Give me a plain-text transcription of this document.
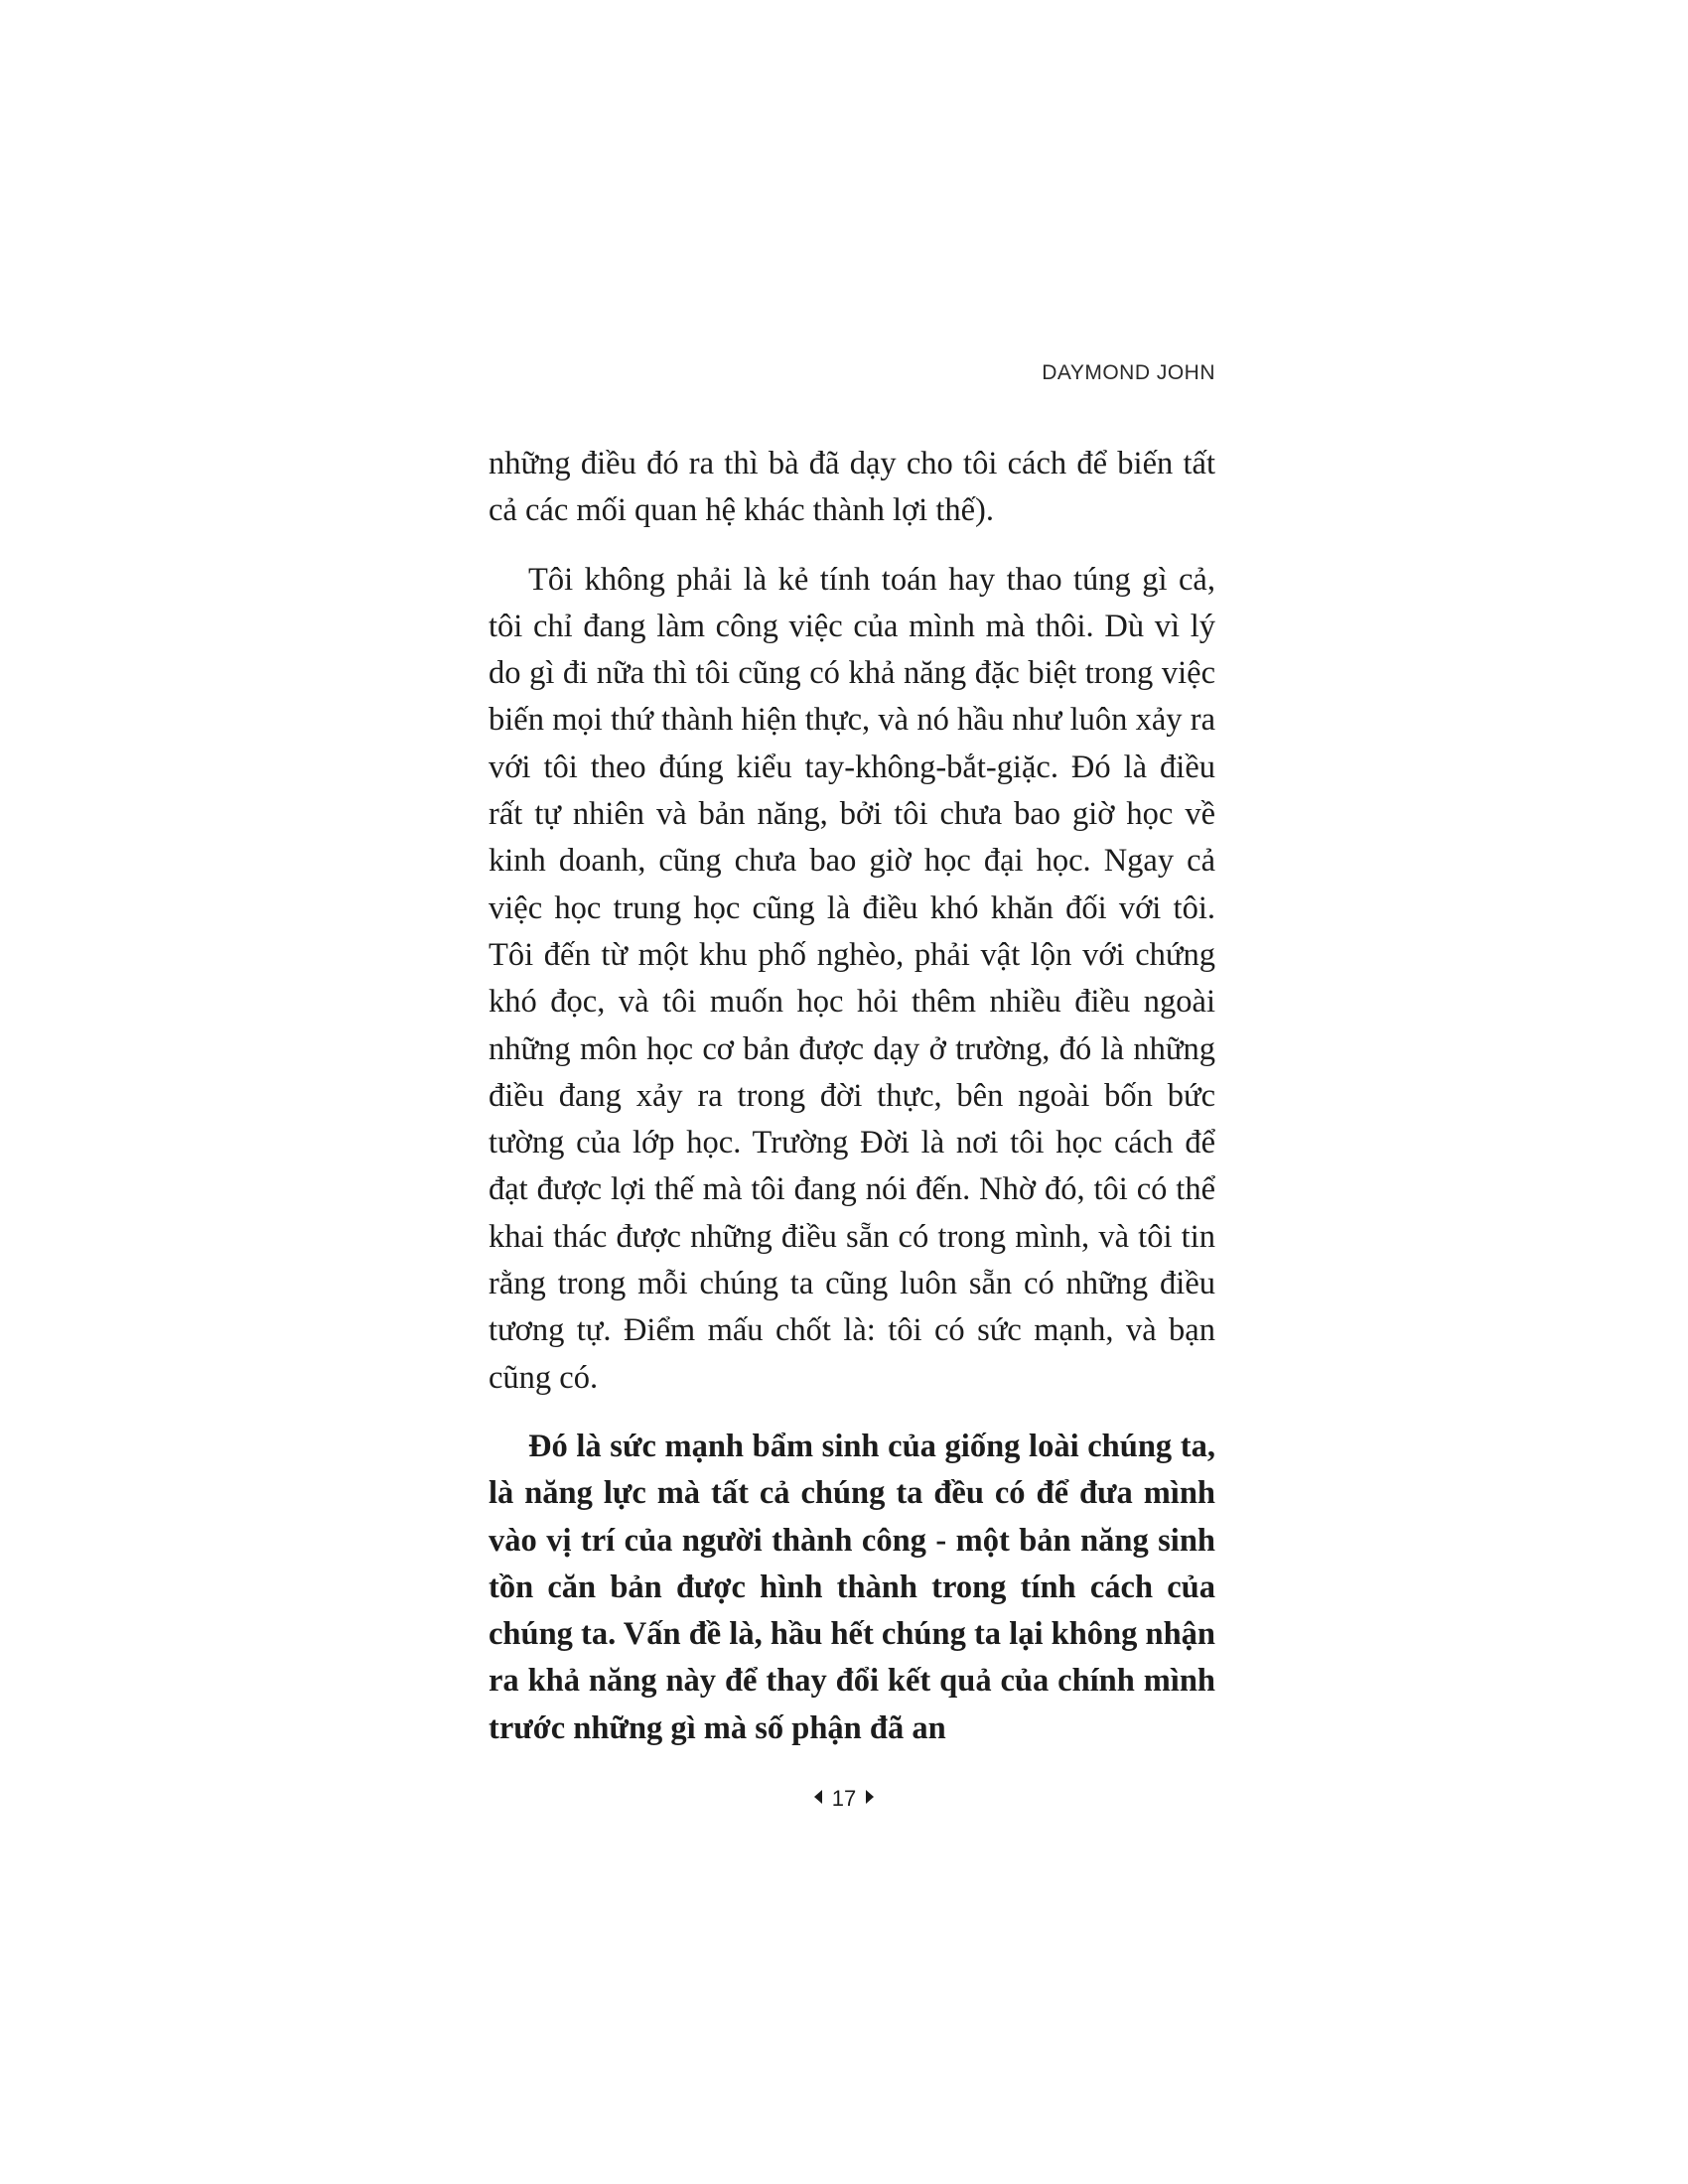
DAYMOND JOHN

những điều đó ra thì bà đã dạy cho tôi cách để biến tất cả các mối quan hệ khác thành lợi thế).

Tôi không phải là kẻ tính toán hay thao túng gì cả, tôi chỉ đang làm công việc của mình mà thôi. Dù vì lý do gì đi nữa thì tôi cũng có khả năng đặc biệt trong việc biến mọi thứ thành hiện thực, và nó hầu như luôn xảy ra với tôi theo đúng kiểu tay-không-bắt-giặc. Đó là điều rất tự nhiên và bản năng, bởi tôi chưa bao giờ học về kinh doanh, cũng chưa bao giờ học đại học. Ngay cả việc học trung học cũng là điều khó khăn đối với tôi. Tôi đến từ một khu phố nghèo, phải vật lộn với chứng khó đọc, và tôi muốn học hỏi thêm nhiều điều ngoài những môn học cơ bản được dạy ở trường, đó là những điều đang xảy ra trong đời thực, bên ngoài bốn bức tường của lớp học. Trường Đời là nơi tôi học cách để đạt được lợi thế mà tôi đang nói đến. Nhờ đó, tôi có thể khai thác được những điều sẵn có trong mình, và tôi tin rằng trong mỗi chúng ta cũng luôn sẵn có những điều tương tự. Điểm mấu chốt là: tôi có sức mạnh, và bạn cũng có.

Đó là sức mạnh bẩm sinh của giống loài chúng ta, là năng lực mà tất cả chúng ta đều có để đưa mình vào vị trí của người thành công - một bản năng sinh tồn căn bản được hình thành trong tính cách của chúng ta. Vấn đề là, hầu hết chúng ta lại không nhận ra khả năng này để thay đổi kết quả của chính mình trước những gì mà số phận đã an

17
